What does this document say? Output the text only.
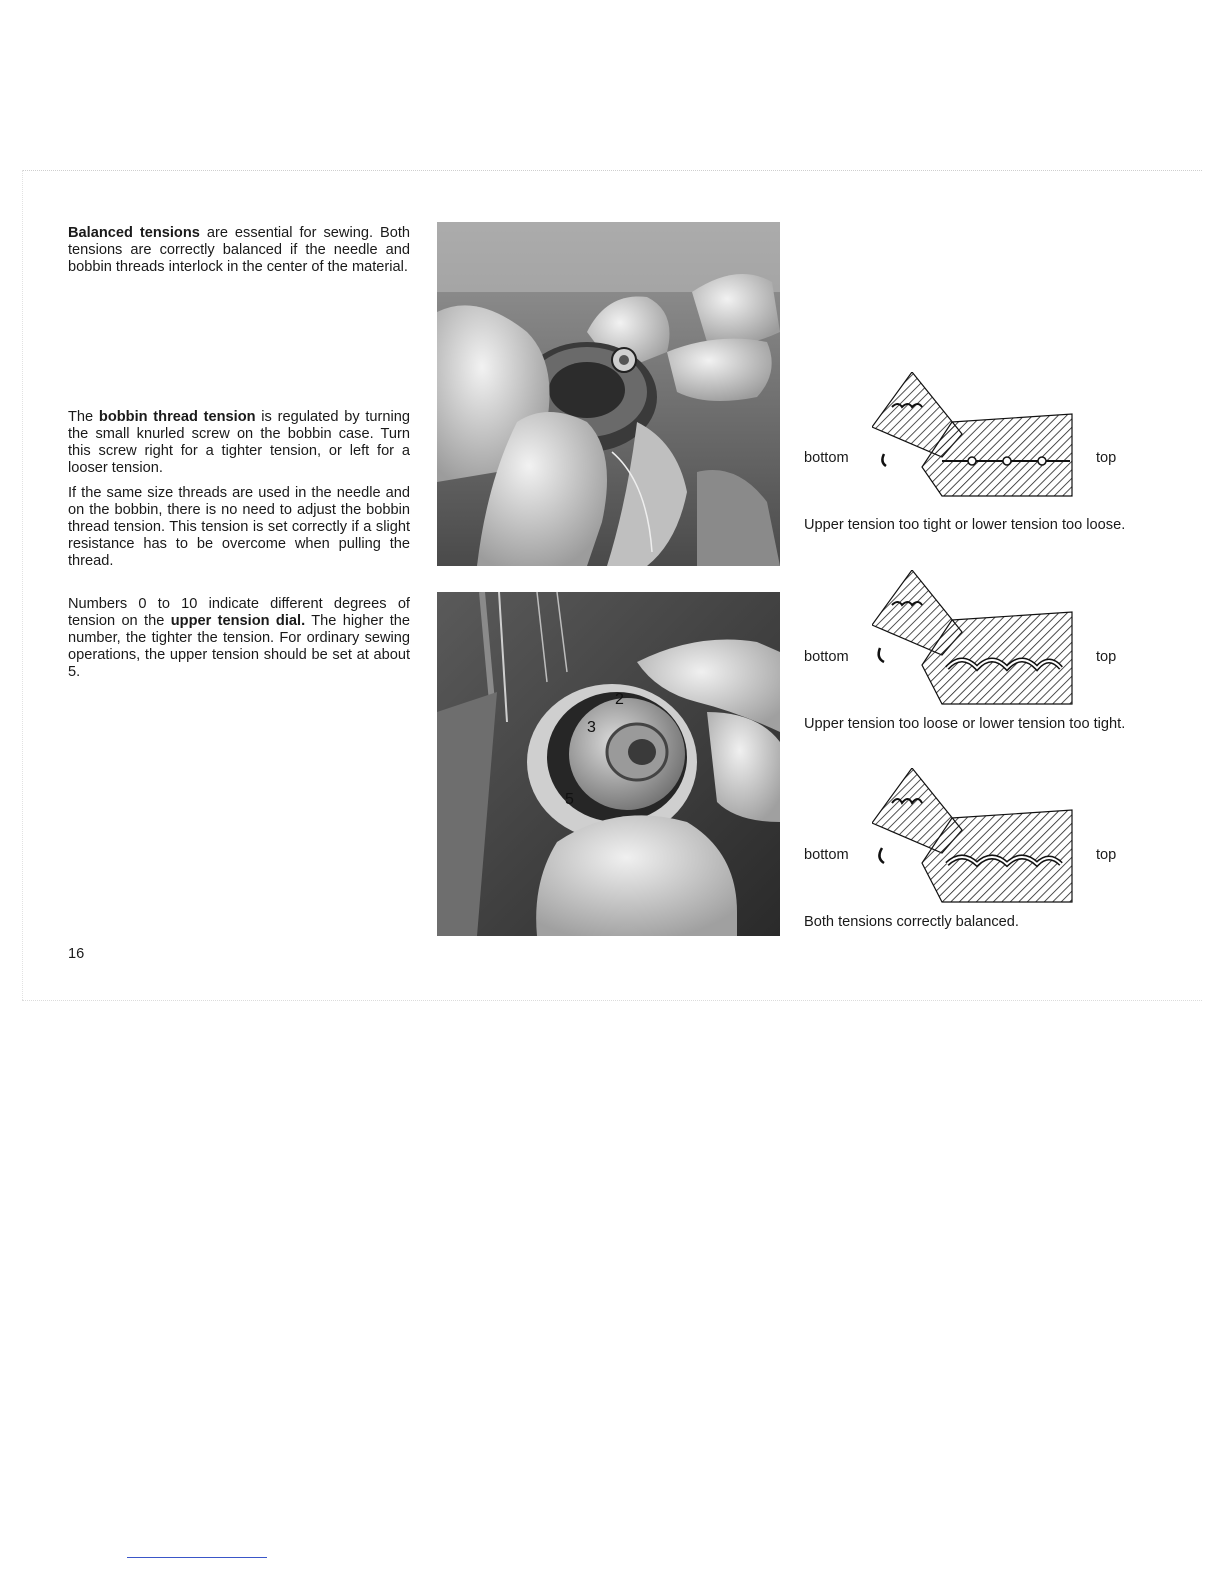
Balanced tensions are essential for sewing. Both tensions are correctly balanced if the needle and bobbin threads interlock in the center of the material.
The bobbin thread tension is regulated by turning the small knurled screw on the bobbin case. Turn this screw right for a tighter tension, or left for a looser tension.
If the same size threads are used in the needle and on the bobbin, there is no need to adjust the bobbin thread tension. This tension is set correctly if a slight resistance has to be overcome when pulling the thread.
Numbers 0 to 10 indicate different degrees of tension on the upper tension dial. The higher the number, the tighter the tension. For ordinary sewing operations, the upper tension should be set at about 5.
16
3
2
5
bottom	top
Upper tension too tight or lower tension too loose.
bottom	top
Upper tension too loose or lower tension too tight.
bottom	top
Both tensions correctly balanced.
